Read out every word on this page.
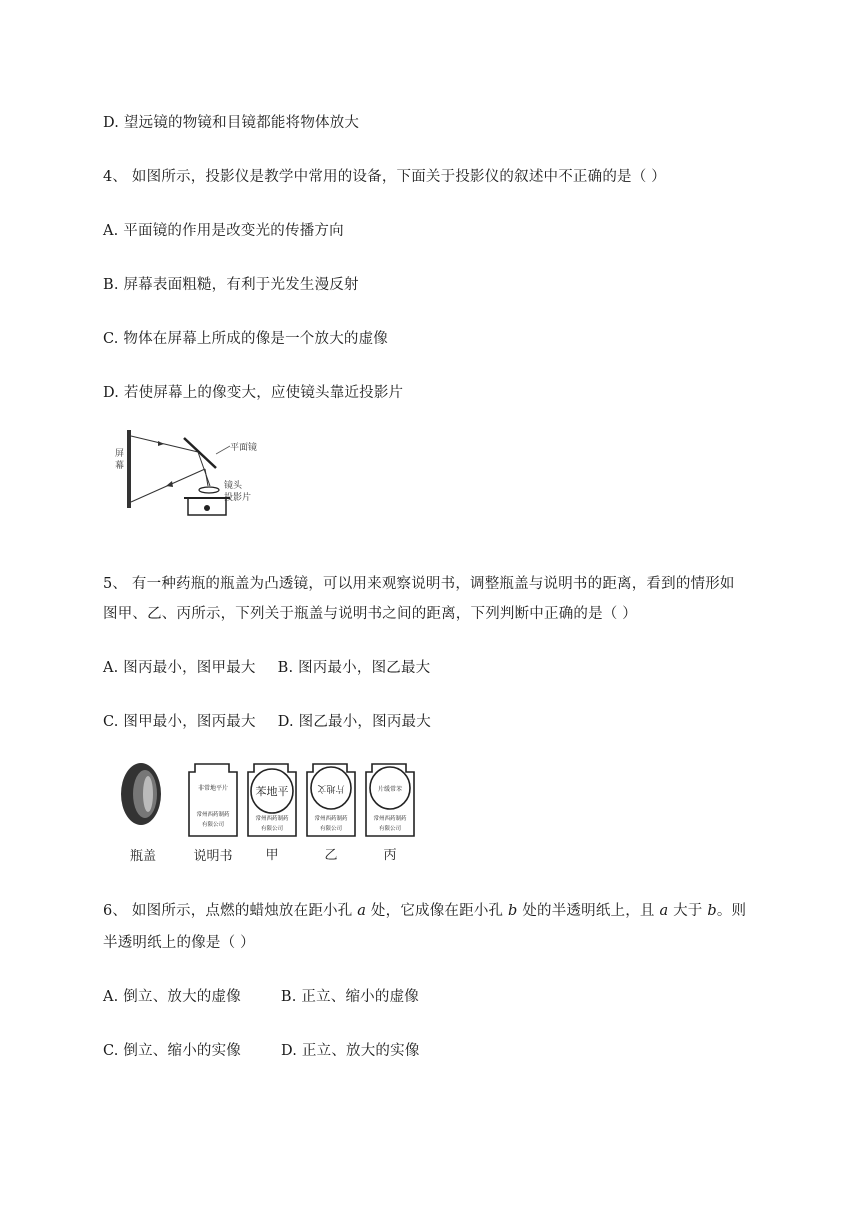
D. 望远镜的物镜和目镜都能将物体放大
4、 如图所示，投影仪是教学中常用的设备，下面关于投影仪的叙述中不正确的是（ ）
A. 平面镜的作用是改变光的传播方向
B. 屏幕表面粗糙，有利于光发生漫反射
C. 物体在屏幕上所成的像是一个放大的虚像
D. 若使屏幕上的像变大，应使镜头靠近投影片
屏
幕
平面镜
镜头
投影片
5、 有一种药瓶的瓶盖为凸透镜，可以用来观察说明书，调整瓶盖与说明书的距离，看到的情形如
图甲、乙、丙所示，下列关于瓶盖与说明书之间的距离，下列判断中正确的是（ ）
A. 图丙最小，图甲最大 B. 图丙最小，图乙最大
C. 图甲最小，图丙最大 D. 图乙最小，图丙最大
非常地平片
常州西药制药
有限公司
苯地平
常州西药制药
有限公司
片地文
常州西药制药
有限公司
片缓常苯
常州西药制药
有限公司
瓶盖	说明书	甲	乙	丙
6、 如图所示，点燃的蜡烛放在距小孔 a 处，它成像在距小孔 b 处的半透明纸上，且 a 大于 b。则
半透明纸上的像是（ ）
A. 倒立、放大的虚像	B. 正立、缩小的虚像
C. 倒立、缩小的实像	D. 正立、放大的实像
